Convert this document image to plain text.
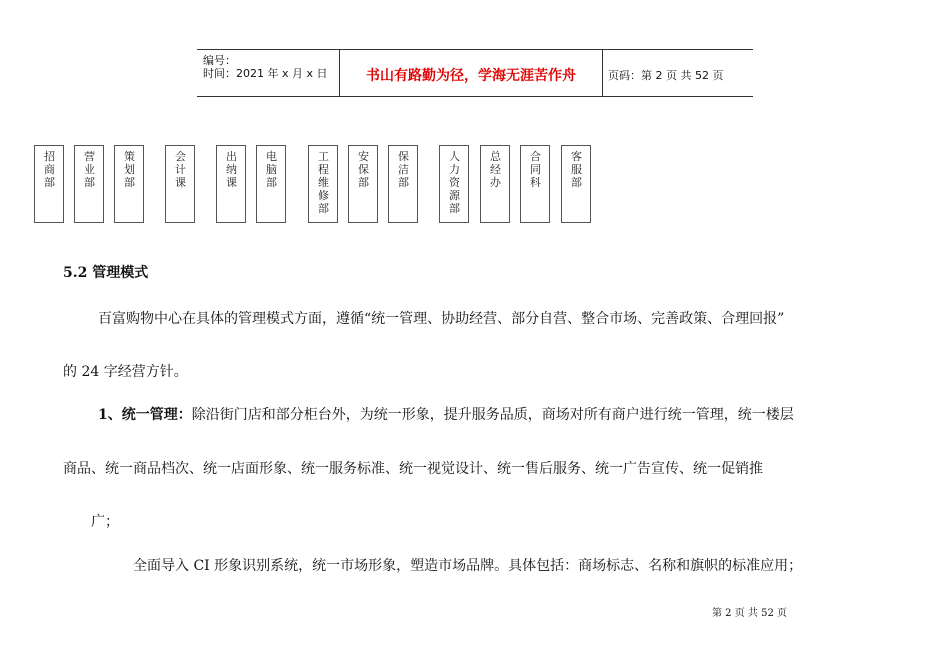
编号：
时间：2021 年 x 月 x 日	书山有路勤为径，学海无涯苦作舟	页码：第 2 页 共 52 页
招商部
营业部
策划部
会计课
出纳课
电脑部
工程维修部
安保部
保洁部
人力资源部
总经办
合同科
客服部
5.2 管理模式
百富购物中心在具体的管理模式方面，遵循“统一管理、协助经营、部分自营、整合市场、完善政策、合理回报”
的 24 字经营方针。
1、统一管理：除沿街门店和部分柜台外，为统一形象，提升服务品质，商场对所有商户进行统一管理，统一楼层
商品、统一商品档次、统一店面形象、统一服务标准、统一视觉设计、统一售后服务、统一广告宣传、统一促销推
广；
全面导入 CI 形象识别系统，统一市场形象，塑造市场品牌。具体包括：商场标志、名称和旗帜的标准应用；
第 2 页 共 52 页
